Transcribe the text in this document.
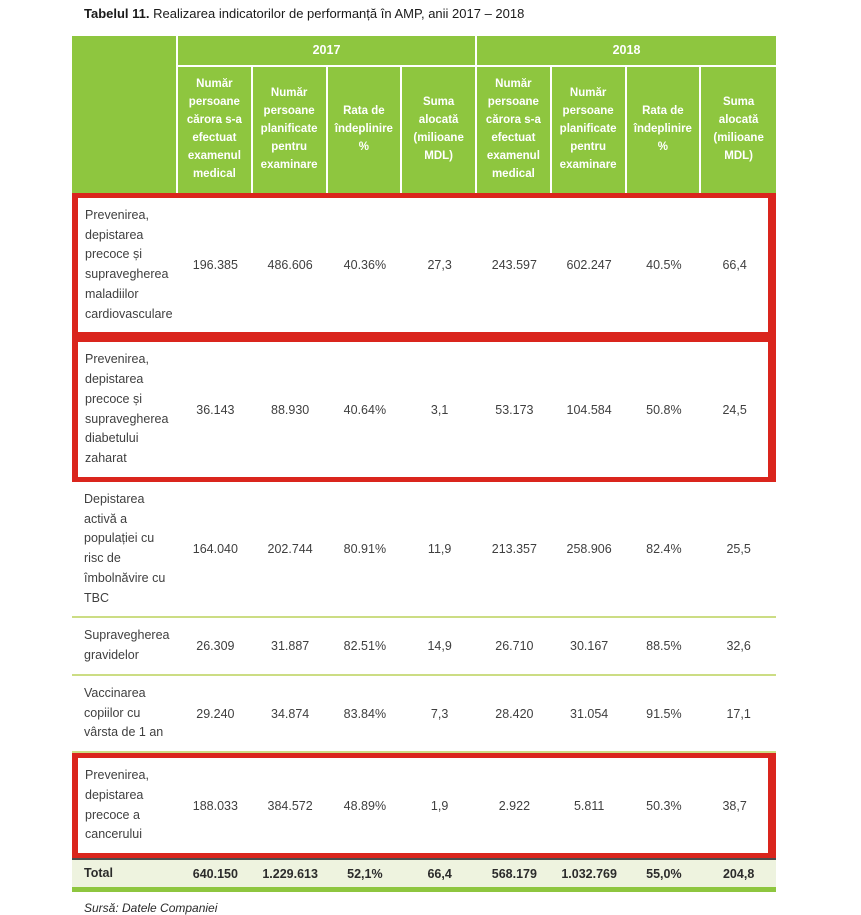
Tabelul 11. Realizarea indicatorilor de performanță în AMP, anii 2017 – 2018

	2017				2018			
	Număr persoane cărora s-a efectuat examenul medical	Număr persoane planificate pentru examinare	Rata de îndeplinire %	Suma alocată (milioane MDL)	Număr persoane cărora s-a efectuat examenul medical	Număr persoane planificate pentru examinare	Rata de îndeplinire %	Suma alocată (milioane MDL)
Prevenirea, depistarea precoce și supravegherea maladiilor cardiovasculare	196.385	486.606	40.36%	27,3	243.597	602.247	40.5%	66,4
Prevenirea, depistarea precoce și supravegherea diabetului zaharat	36.143	88.930	40.64%	3,1	53.173	104.584	50.8%	24,5
Depistarea activă a populației cu risc de îmbolnăvire cu TBC	164.040	202.744	80.91%	11,9	213.357	258.906	82.4%	25,5
Supravegherea gravidelor	26.309	31.887	82.51%	14,9	26.710	30.167	88.5%	32,6
Vaccinarea copiilor cu vârsta de 1 an	29.240	34.874	83.84%	7,3	28.420	31.054	91.5%	17,1
Prevenirea, depistarea precoce a cancerului	188.033	384.572	48.89%	1,9	2.922	5.811	50.3%	38,7
Total	640.150	1.229.613	52,1%	66,4	568.179	1.032.769	55,0%	204,8

Sursă: Datele Companiei
